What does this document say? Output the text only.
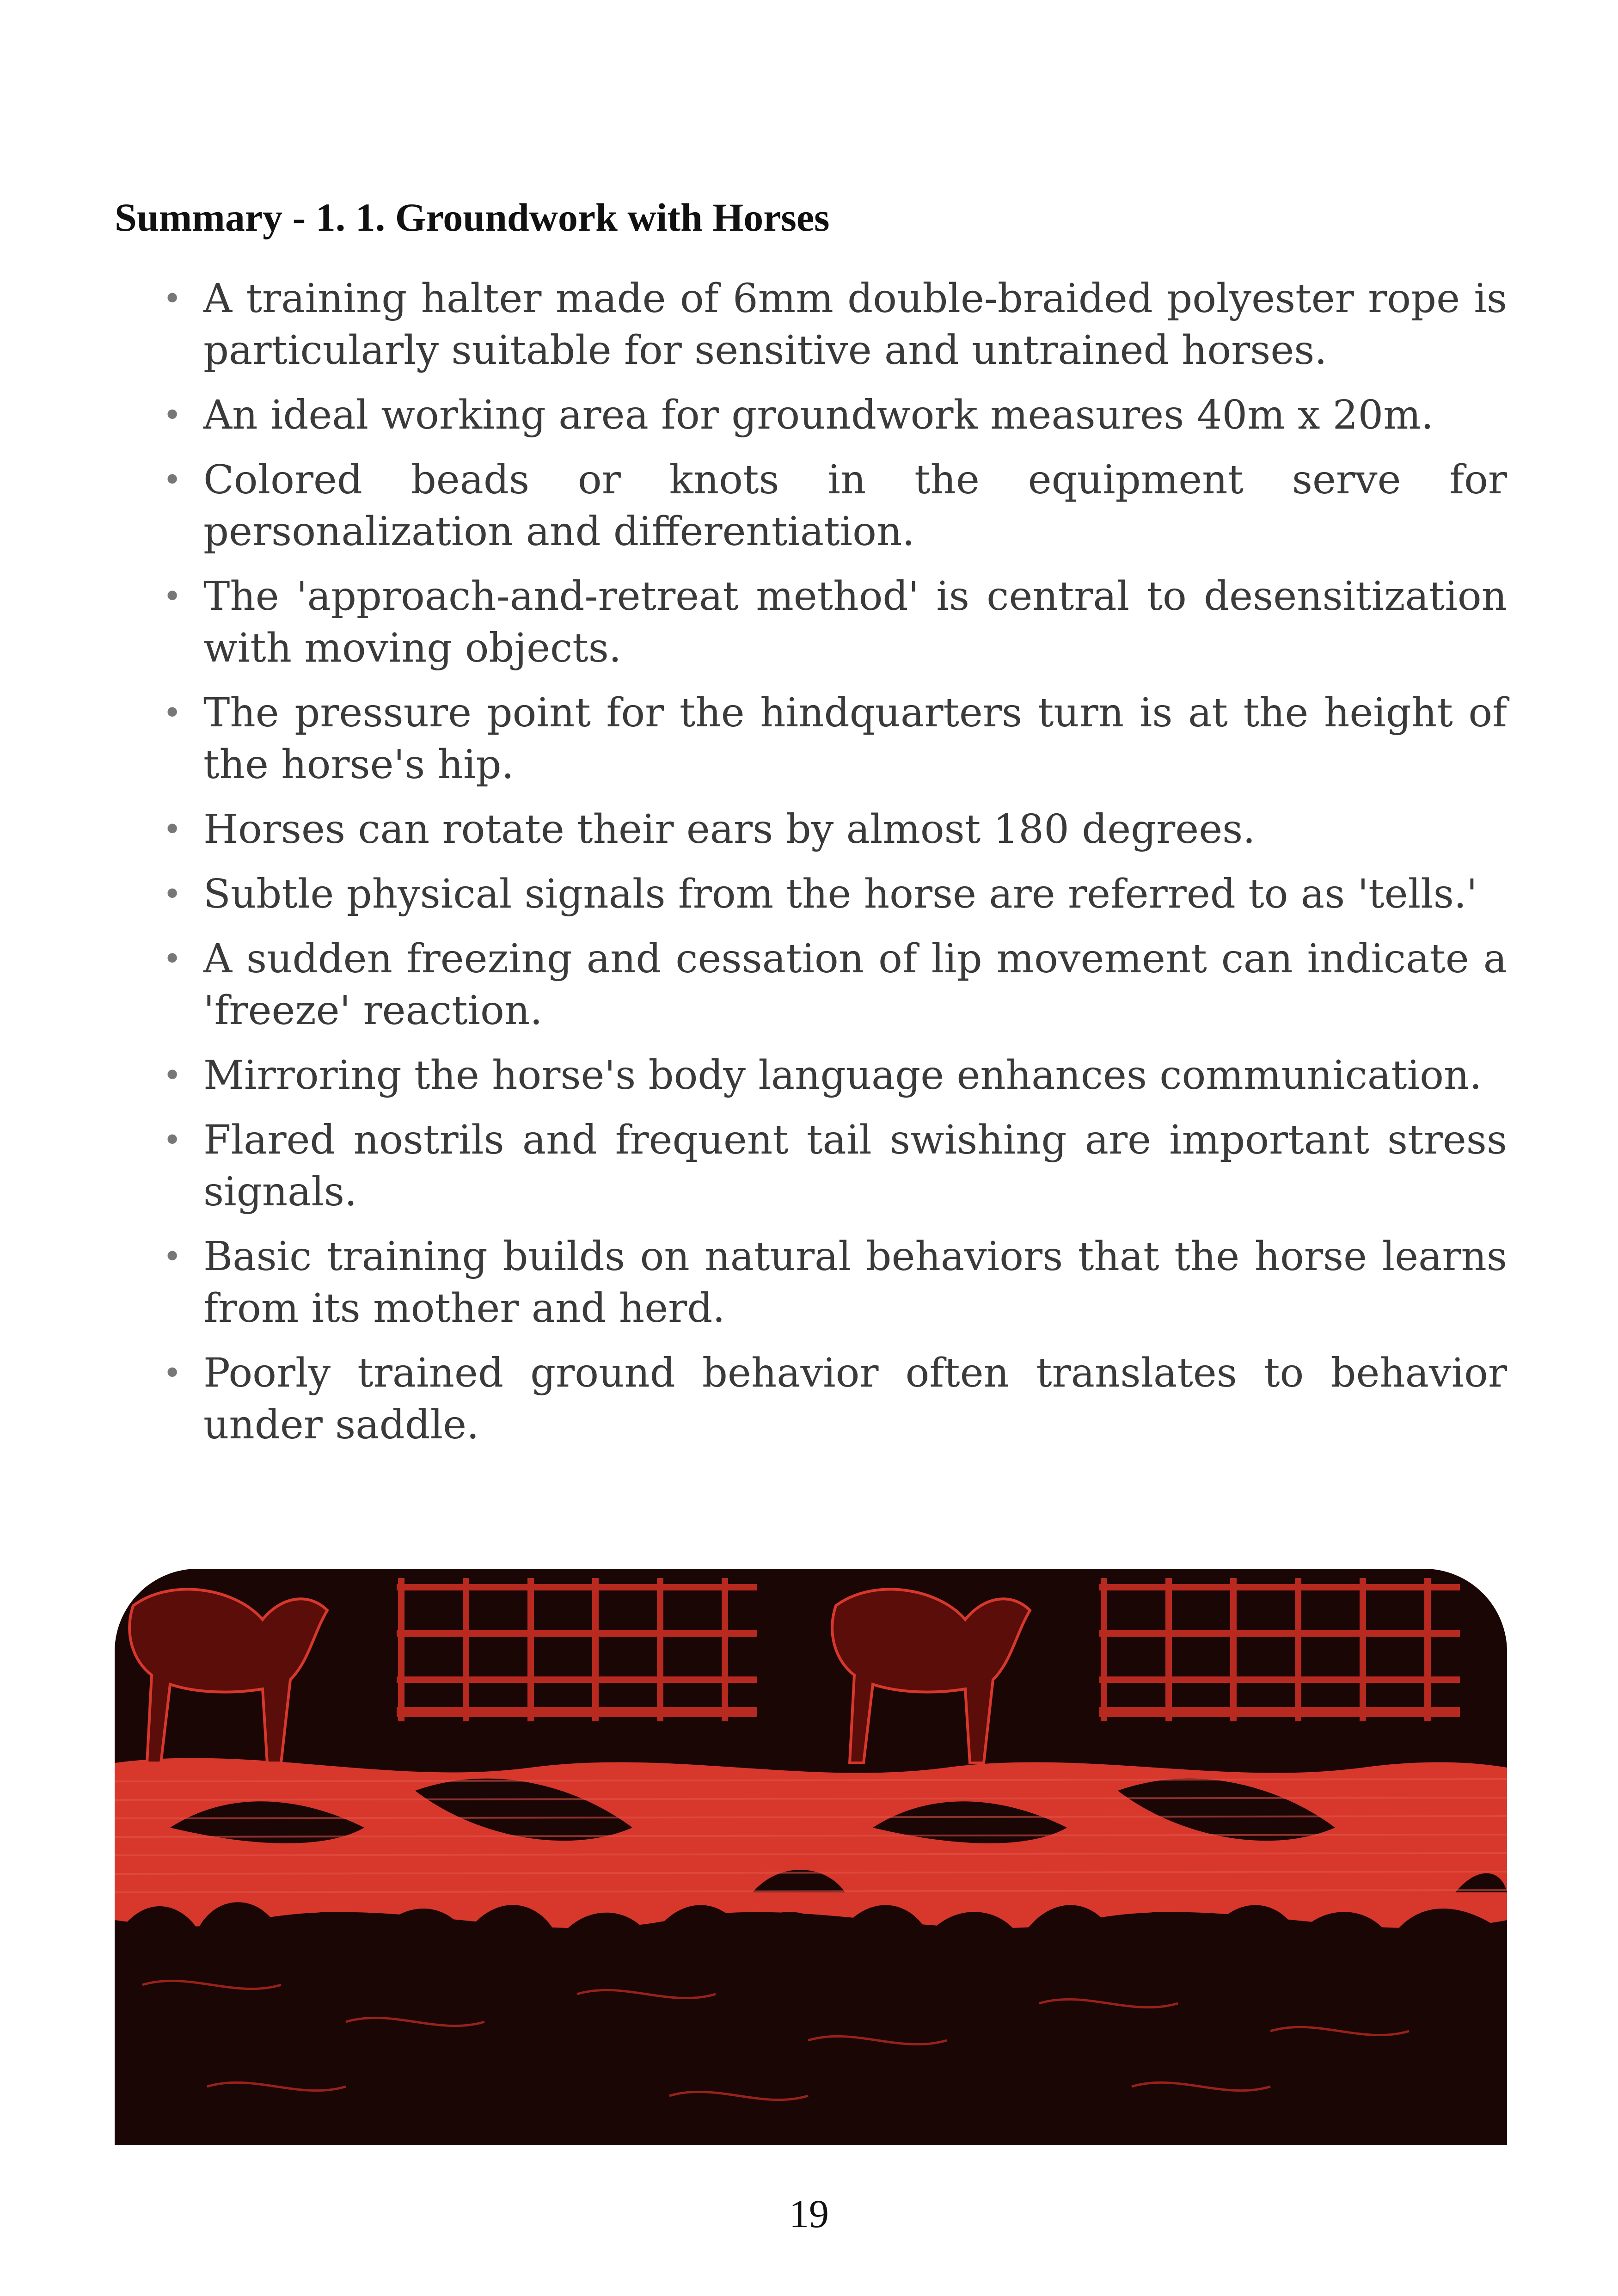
Summary - 1. 1. Groundwork with Horses
• A training halter made of 6mm double-braided polyester rope is particularly suitable for sensitive and untrained horses.
• An ideal working area for groundwork measures 40m x 20m.
• Colored beads or knots in the equipment serve for personalization and differentiation.
• The 'approach-and-retreat method' is central to desensitization with moving objects.
• The pressure point for the hindquarters turn is at the height of the horse's hip.
• Horses can rotate their ears by almost 180 degrees.
• Subtle physical signals from the horse are referred to as 'tells.'
• A sudden freezing and cessation of lip movement can indicate a 'freeze' reaction.
• Mirroring the horse's body language enhances communication.
• Flared nostrils and frequent tail swishing are important stress signals.
• Basic training builds on natural behaviors that the horse learns from its mother and herd.
• Poorly trained ground behavior often translates to behavior under saddle.
19
